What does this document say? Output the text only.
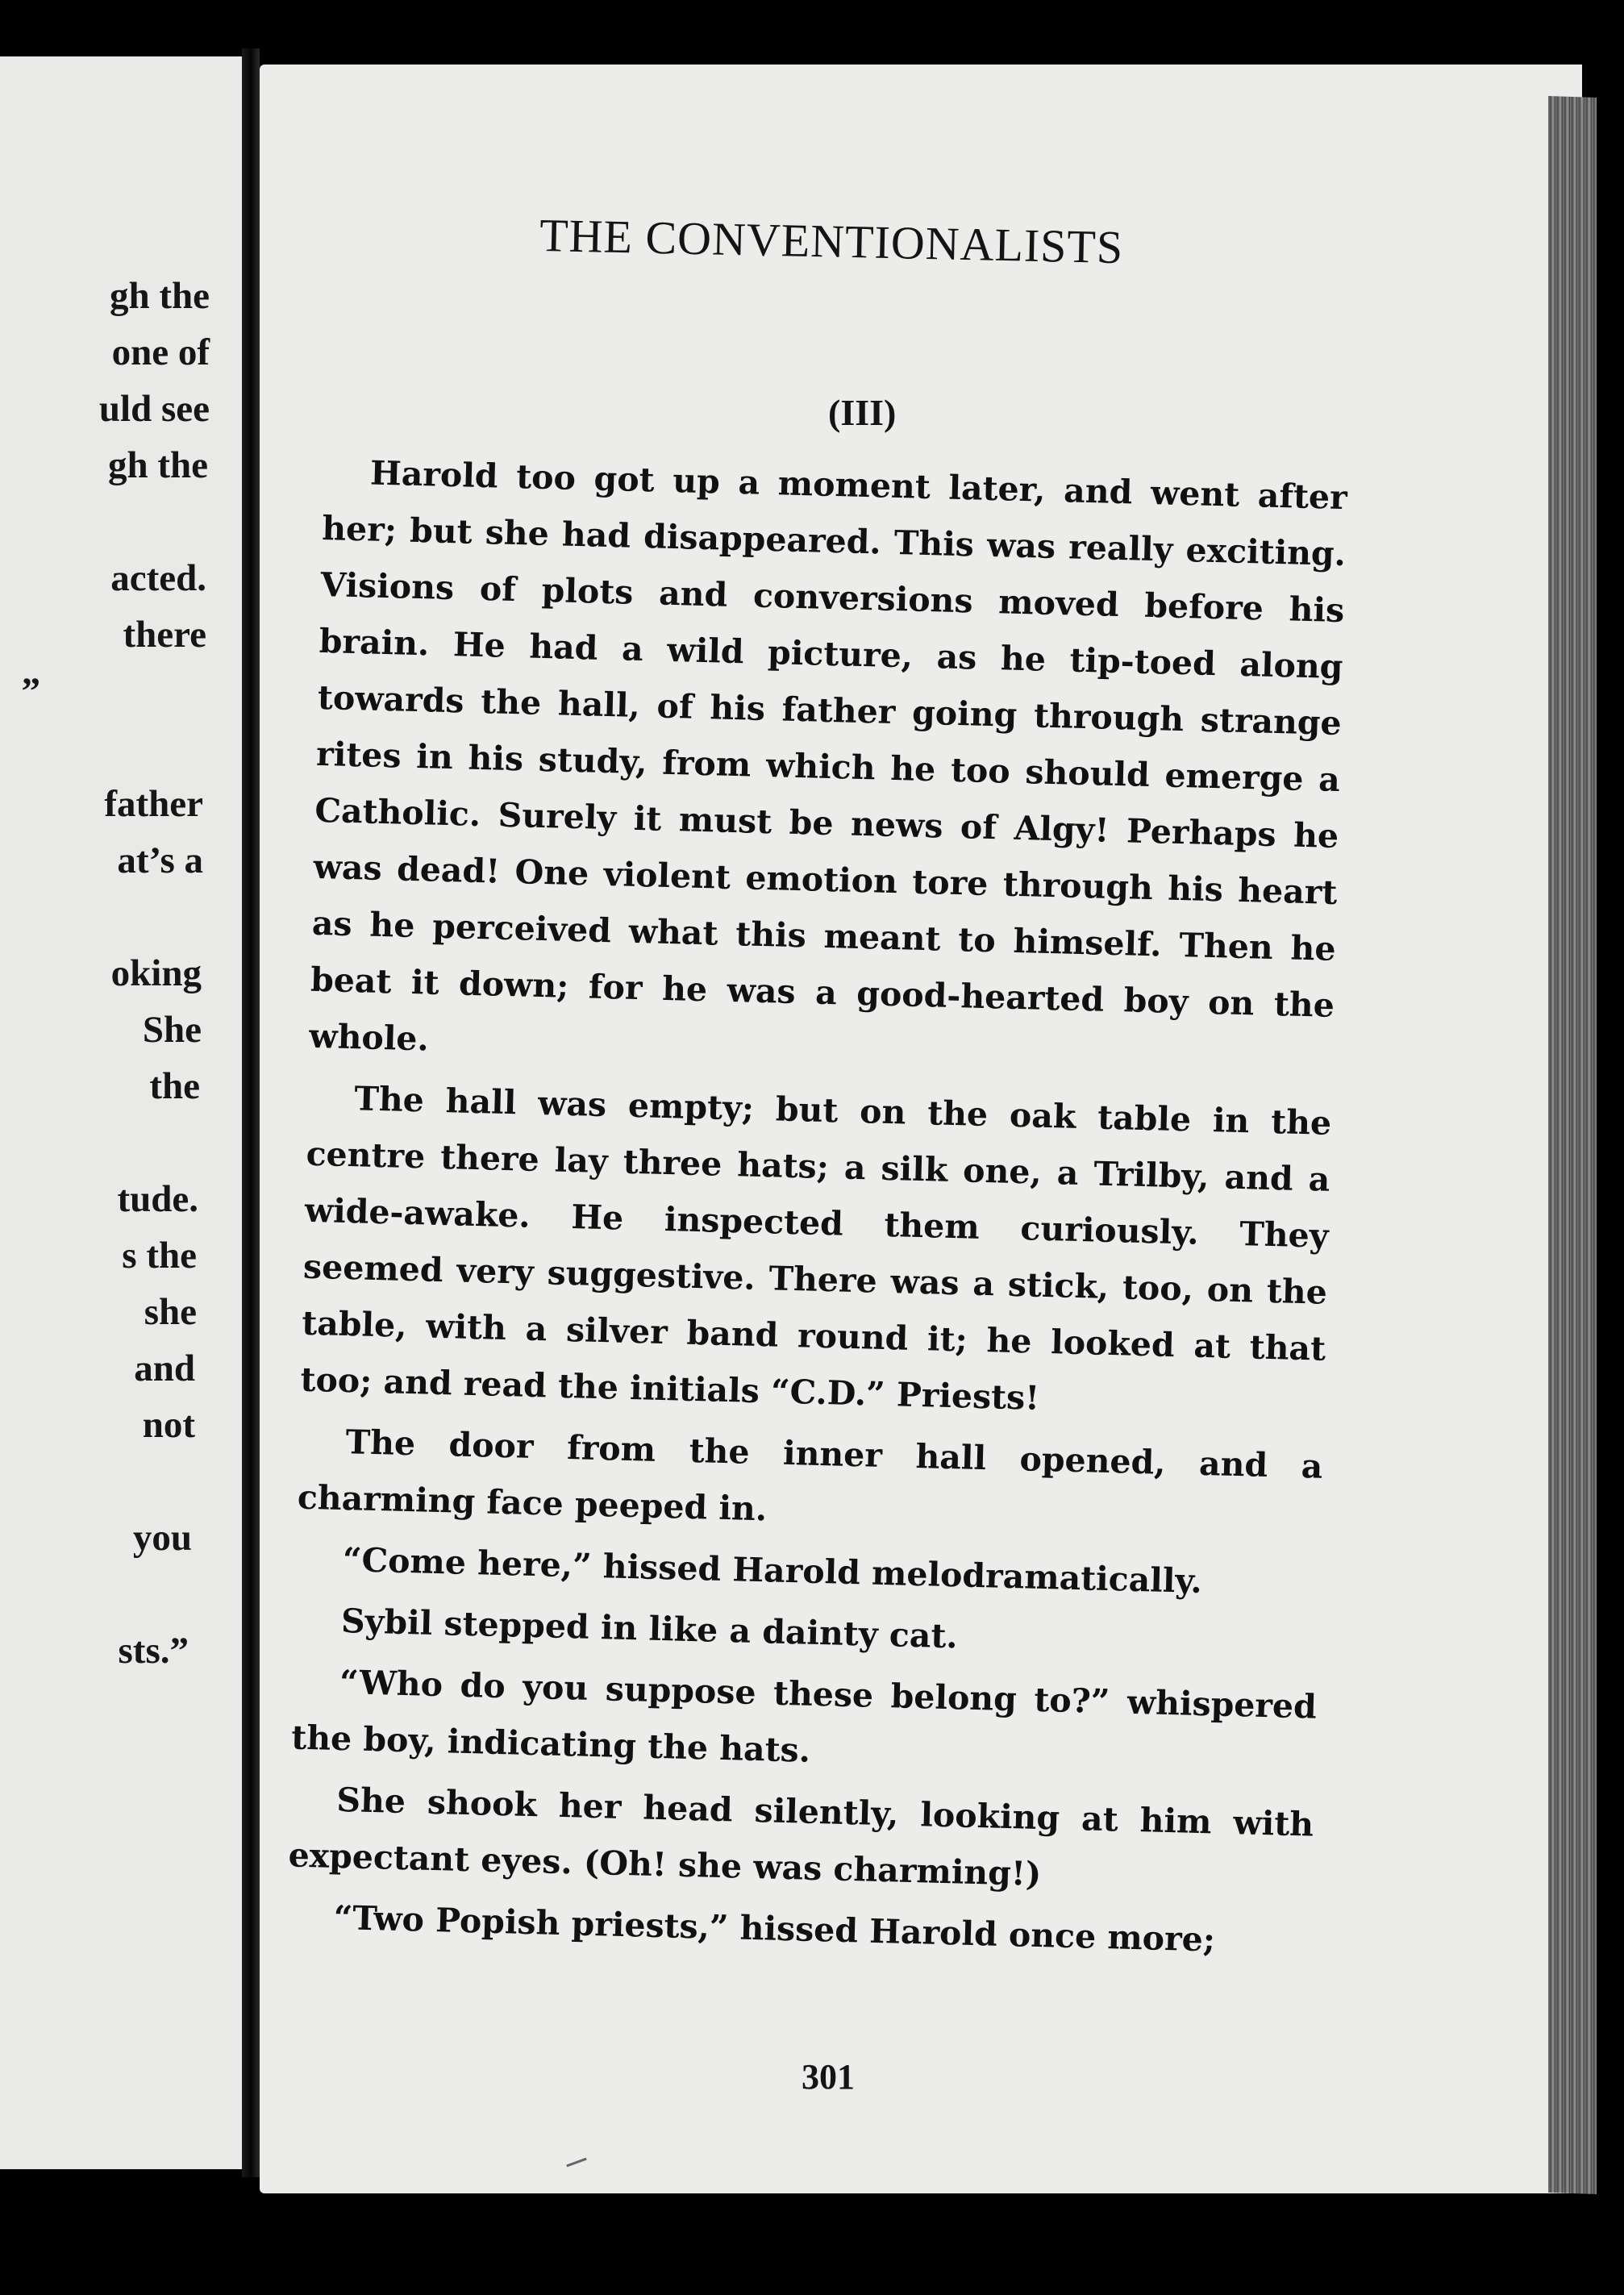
gh the
one of
uld see
gh the
acted.
there
”
father
at’s a
oking
She
the
tude.
s the
she
and
not
you
sts.”
THE CONVENTIONALISTS
(III)

Harold too got up a moment later, and went after her; but she had disappeared. This was really exciting. Visions of plots and conversions moved before his brain. He had a wild picture, as he tip-toed along towards the hall, of his father going through strange rites in his study, from which he too should emerge a Catholic. Surely it must be news of Algy! Perhaps he was dead! One violent emotion tore through his heart as he perceived what this meant to himself. Then he beat it down; for he was a good-hearted boy on the whole.

The hall was empty; but on the oak table in the centre there lay three hats; a silk one, a Trilby, and a wide-awake. He inspected them curiously. They seemed very suggestive. There was a stick, too, on the table, with a silver band round it; he looked at that too; and read the initials “C.D.” Priests!

The door from the inner hall opened, and a charming face peeped in.

“Come here,” hissed Harold melodramatically.

Sybil stepped in like a dainty cat.

“Who do you suppose these belong to?” whispered the boy, indicating the hats.

She shook her head silently, looking at him with expectant eyes. (Oh! she was charming!)

“Two Popish priests,” hissed Harold once more;

301
